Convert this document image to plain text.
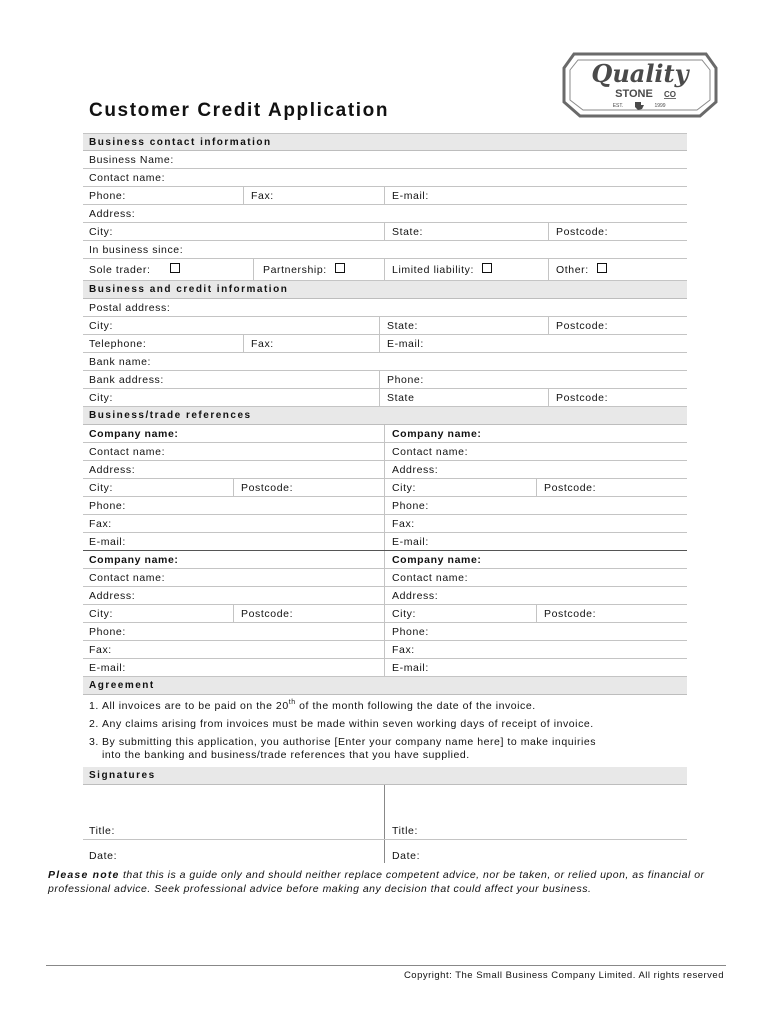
Quality
STONE CO
EST.	1999
Customer Credit Application
Business contact information
Business Name:
Contact name:
Phone:	Fax:	E-mail:
Address:
City:	State:	Postcode:
In business since:
Sole trader:	Partnership:	Limited liability:	Other:
Business and credit information
Postal address:
City:	State:	Postcode:
Telephone:	Fax:	E-mail:
Bank name:
Bank address:	Phone:
City:	State	Postcode:
Business/trade references
Company name:	Company name:
Contact name:	Contact name:
Address:	Address:
City:	Postcode:	City:	Postcode:
Phone:	Phone:
Fax:	Fax:
E-mail:	E-mail:
Company name:	Company name:
Contact name:	Contact name:
Address:	Address:
City:	Postcode:	City:	Postcode:
Phone:	Phone:
Fax:	Fax:
E-mail:	E-mail:
Agreement
1. All invoices are to be paid on the 20th of the month following the date of the invoice.
2. Any claims arising from invoices must be made within seven working days of receipt of invoice.
3. By submitting this application, you authorise [Enter your company name here] to make inquiries
into the banking and business/trade references that you have supplied.
Signatures
Title:	Title:
Date:	Date:
Please note that this is a guide only and should neither replace competent advice, nor be taken, or relied upon, as financial or professional advice. Seek professional advice before making any decision that could affect your business.
Copyright: The Small Business Company Limited. All rights reserved
